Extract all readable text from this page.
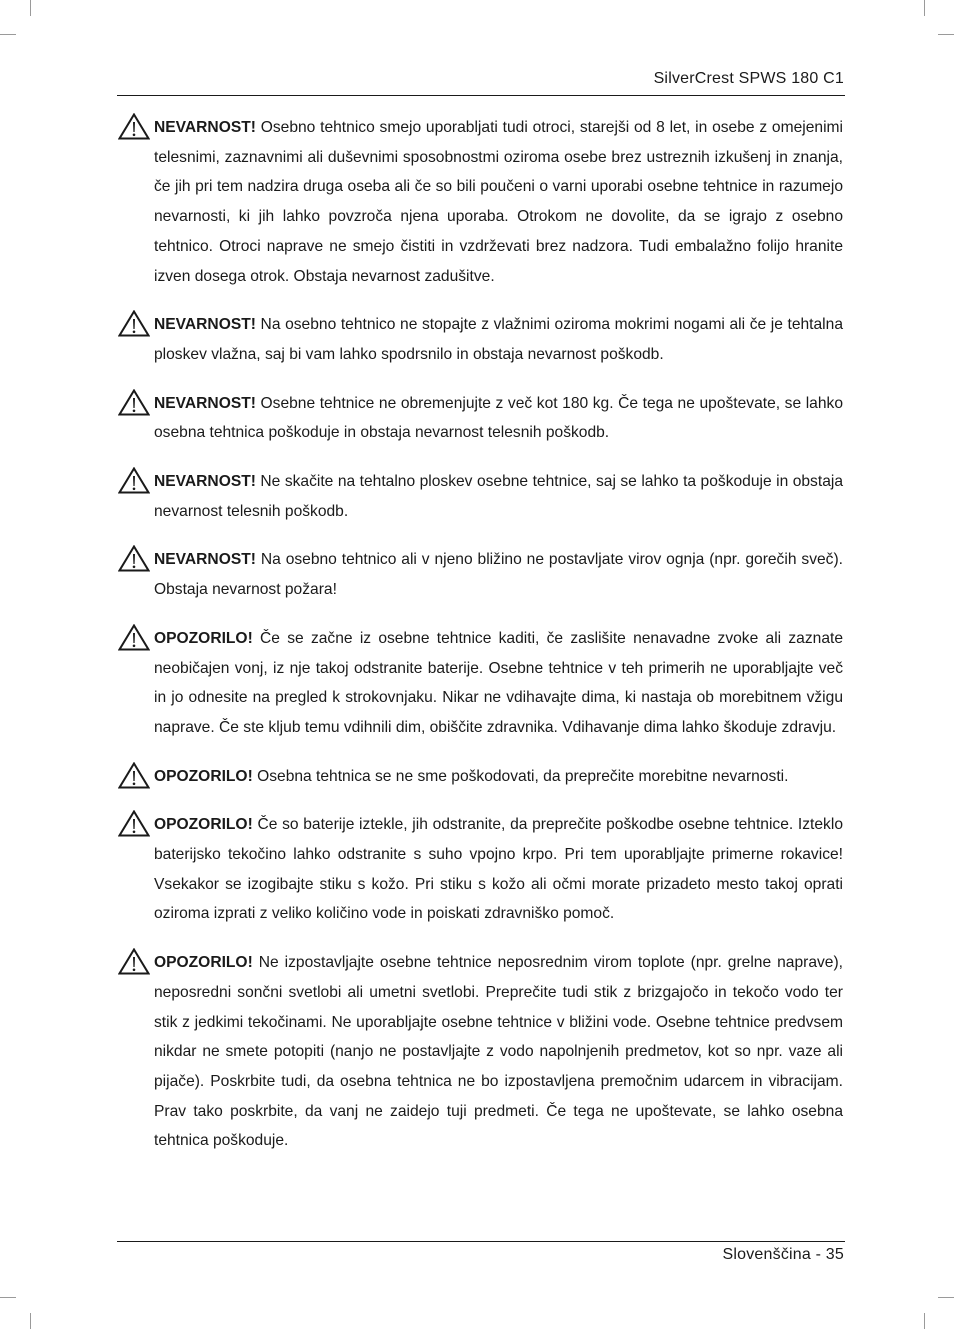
SilverCrest SPWS 180 C1

NEVARNOST! Osebno tehtnico smejo uporabljati tudi otroci, starejši od 8 let, in osebe z omejenimi telesnimi, zaznavnimi ali duševnimi sposobnostmi oziroma osebe brez ustreznih izkušenj in znanja, če jih pri tem nadzira druga oseba ali če so bili poučeni o varni uporabi osebne tehtnice in razumejo nevarnosti, ki jih lahko povzroča njena uporaba. Otrokom ne dovolite, da se igrajo z osebno tehtnico. Otroci naprave ne smejo čistiti in vzdrževati brez nadzora. Tudi embalažno folijo hranite izven dosega otrok. Obstaja nevarnost zadušitve.

NEVARNOST! Na osebno tehtnico ne stopajte z vlažnimi oziroma mokrimi nogami ali če je tehtalna ploskev vlažna, saj bi vam lahko spodrsnilo in obstaja nevarnost poškodb.

NEVARNOST! Osebne tehtnice ne obremenjujte z več kot 180 kg. Če tega ne upoštevate, se lahko osebna tehtnica poškoduje in obstaja nevarnost telesnih poškodb.

NEVARNOST! Ne skačite na tehtalno ploskev osebne tehtnice, saj se lahko ta poškoduje in obstaja nevarnost telesnih poškodb.

NEVARNOST! Na osebno tehtnico ali v njeno bližino ne postavljate virov ognja (npr. gorečih sveč). Obstaja nevarnost požara!

OPOZORILO! Če se začne iz osebne tehtnice kaditi, če zaslišite nenavadne zvoke ali zaznate neobičajen vonj, iz nje takoj odstranite baterije. Osebne tehtnice v teh primerih ne uporabljajte več in jo odnesite na pregled k strokovnjaku. Nikar ne vdihavajte dima, ki nastaja ob morebitnem vžigu naprave. Če ste kljub temu vdihnili dim, obiščite zdravnika. Vdihavanje dima lahko škoduje zdravju.

OPOZORILO! Osebna tehtnica se ne sme poškodovati, da preprečite morebitne nevarnosti.

OPOZORILO! Če so baterije iztekle, jih odstranite, da preprečite poškodbe osebne tehtnice. Izteklo baterijsko tekočino lahko odstranite s suho vpojno krpo. Pri tem uporabljajte primerne rokavice! Vsekakor se izogibajte stiku s kožo. Pri stiku s kožo ali očmi morate prizadeto mesto takoj oprati oziroma izprati z veliko količino vode in poiskati zdravniško pomoč.

OPOZORILO! Ne izpostavljajte osebne tehtnice neposrednim virom toplote (npr. grelne naprave), neposredni sončni svetlobi ali umetni svetlobi. Preprečite tudi stik z brizgajočo in tekočo vodo ter stik z jedkimi tekočinami. Ne uporabljajte osebne tehtnice v bližini vode. Osebne tehtnice predvsem nikdar ne smete potopiti (nanjo ne postavljajte z vodo napolnjenih predmetov, kot so npr. vaze ali pijače). Poskrbite tudi, da osebna tehtnica ne bo izpostavljena premočnim udarcem in vibracijam. Prav tako poskrbite, da vanj ne zaidejo tuji predmeti. Če tega ne upoštevate, se lahko osebna tehtnica poškoduje.

Slovenščina - 35
